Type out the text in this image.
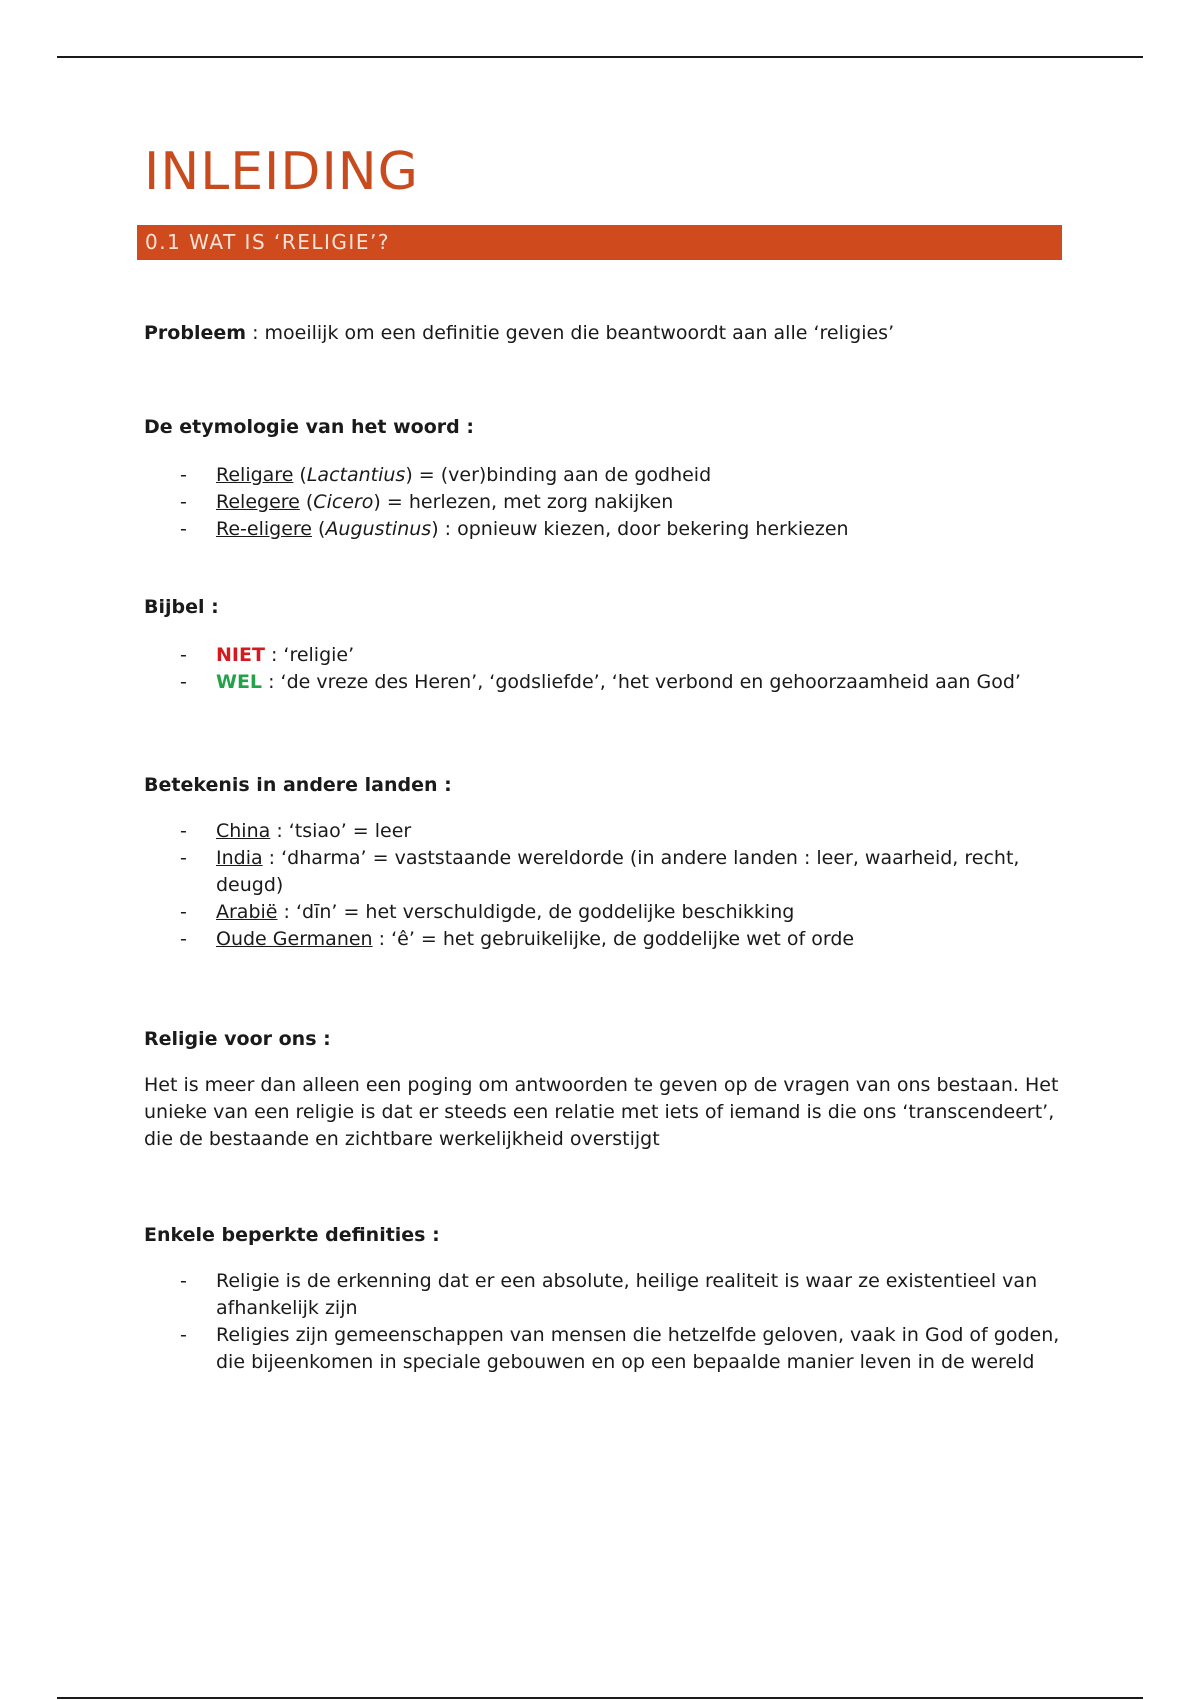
INLEIDING
0.1 WAT IS ‘RELIGIE’?
Probleem : moeilijk om een definitie geven die beantwoordt aan alle ‘religies’
De etymologie van het woord :
- Religare (Lactantius) = (ver)binding aan de godheid
- Relegere (Cicero) = herlezen, met zorg nakijken
- Re-eligere (Augustinus) : opnieuw kiezen, door bekering herkiezen
Bijbel :
- NIET : ‘religie’
- WEL : ‘de vreze des Heren’, ‘godsliefde’, ‘het verbond en gehoorzaamheid aan God’
Betekenis in andere landen :
- China : ‘tsiao’ = leer
- India : ‘dharma’ = vaststaande wereldorde (in andere landen : leer, waarheid, recht, deugd)
- Arabië : ‘dīn’ = het verschuldigde, de goddelijke beschikking
- Oude Germanen : ‘ê’ = het gebruikelijke, de goddelijke wet of orde
Religie voor ons :
Het is meer dan alleen een poging om antwoorden te geven op de vragen van ons bestaan. Het unieke van een religie is dat er steeds een relatie met iets of iemand is die ons ‘transcendeert’, die de bestaande en zichtbare werkelijkheid overstijgt
Enkele beperkte definities :
- Religie is de erkenning dat er een absolute, heilige realiteit is waar ze existentieel van afhankelijk zijn
- Religies zijn gemeenschappen van mensen die hetzelfde geloven, vaak in God of goden, die bijeenkomen in speciale gebouwen en op een bepaalde manier leven in de wereld
